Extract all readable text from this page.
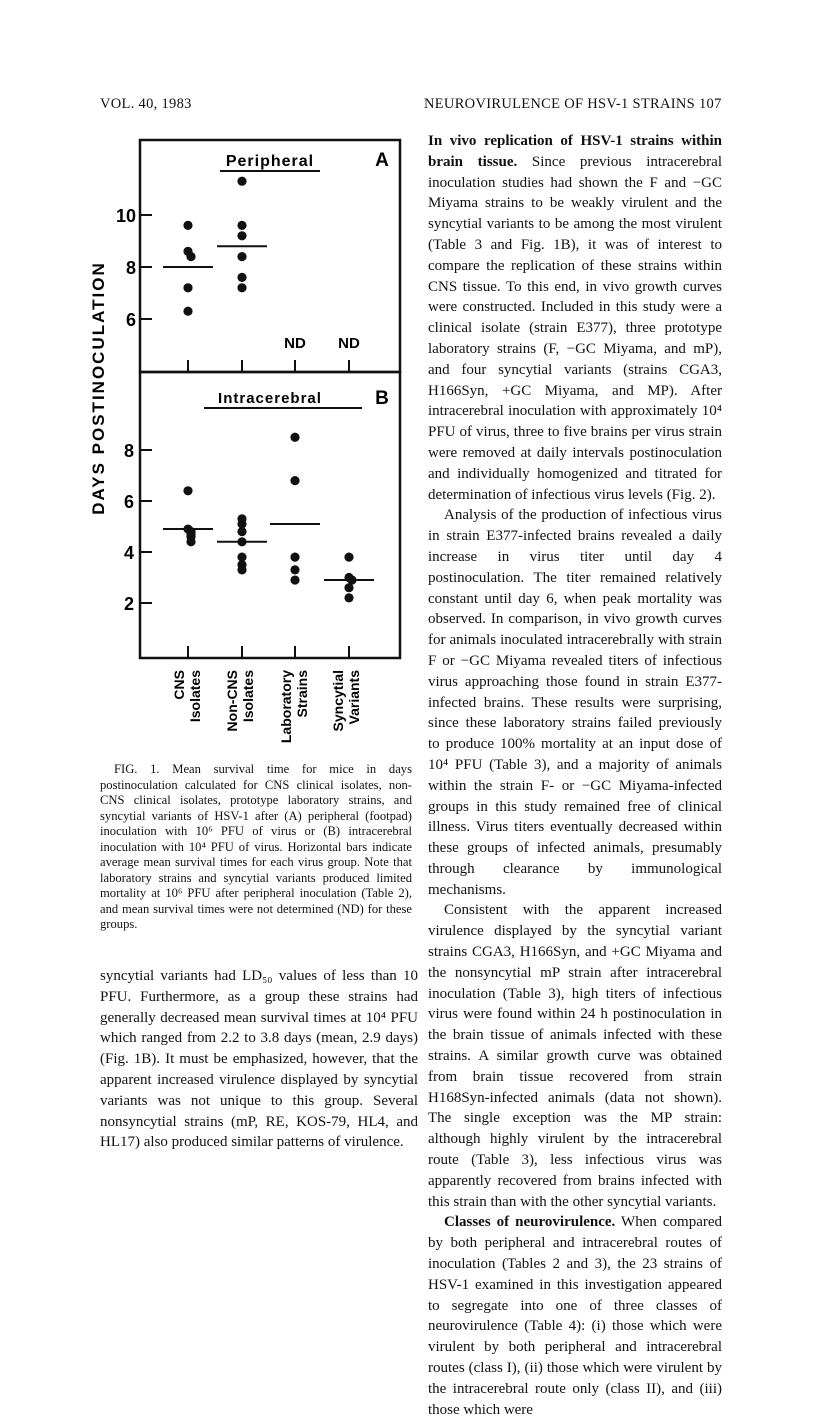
VOL. 40, 1983	NEUROVIRULENCE OF HSV-1 STRAINS 107
DAYS POSTINOCULATION
Peripheral	A
Intracerebral	B
ND ND
10
8
6
8
6
4
2
CNS Isolates Non-CNS Isolates Laboratory Strains Syncytial Variants
FIG. 1. Mean survival time for mice in days postinoculation calculated for CNS clinical isolates, non-CNS clinical isolates, prototype laboratory strains, and syncytial variants of HSV-1 after (A) peripheral (footpad) inoculation with 10⁶ PFU of virus or (B) intracerebral inoculation with 10⁴ PFU of virus. Horizontal bars indicate average mean survival times for each virus group. Note that laboratory strains and syncytial variants produced limited mortality at 10⁶ PFU after peripheral inoculation (Table 2), and mean survival times were not determined (ND) for these groups.
syncytial variants had LD₅₀ values of less than 10 PFU. Furthermore, as a group these strains had generally decreased mean survival times at 10⁴ PFU which ranged from 2.2 to 3.8 days (mean, 2.9 days) (Fig. 1B). It must be emphasized, however, that the apparent increased virulence displayed by syncytial variants was not unique to this group. Several nonsyncytial strains (mP, RE, KOS-79, HL4, and HL17) also produced similar patterns of virulence.

In vivo replication of HSV-1 strains within brain tissue. Since previous intracerebral inoculation studies had shown the F and −GC Miyama strains to be weakly virulent and the syncytial variants to be among the most virulent (Table 3 and Fig. 1B), it was of interest to compare the replication of these strains within CNS tissue. To this end, in vivo growth curves were constructed. Included in this study were a clinical isolate (strain E377), three prototype laboratory strains (F, −GC Miyama, and mP), and four syncytial variants (strains CGA3, H166Syn, +GC Miyama, and MP). After intracerebral inoculation with approximately 10⁴ PFU of virus, three to five brains per virus strain were removed at daily intervals postinoculation and individually homogenized and titrated for determination of infectious virus levels (Fig. 2).

Analysis of the production of infectious virus in strain E377-infected brains revealed a daily increase in virus titer until day 4 postinoculation. The titer remained relatively constant until day 6, when peak mortality was observed. In comparison, in vivo growth curves for animals inoculated intracerebrally with strain F or −GC Miyama revealed titers of infectious virus approaching those found in strain E377-infected brains. These results were surprising, since these laboratory strains failed previously to produce 100% mortality at an input dose of 10⁴ PFU (Table 3), and a majority of animals within the strain F- or −GC Miyama-infected groups in this study remained free of clinical illness. Virus titers eventually decreased within these groups of infected animals, presumably through clearance by immunological mechanisms.

Consistent with the apparent increased virulence displayed by the syncytial variant strains CGA3, H166Syn, and +GC Miyama and the nonsyncytial mP strain after intracerebral inoculation (Table 3), high titers of infectious virus were found within 24 h postinoculation in the brain tissue of animals infected with these strains. A similar growth curve was obtained from brain tissue recovered from strain H168Syn-infected animals (data not shown). The single exception was the MP strain: although highly virulent by the intracerebral route (Table 3), less infectious virus was apparently recovered from brains infected with this strain than with the other syncytial variants.

Classes of neurovirulence. When compared by both peripheral and intracerebral routes of inoculation (Tables 2 and 3), the 23 strains of HSV-1 examined in this investigation appeared to segregate into one of three classes of neurovirulence (Table 4): (i) those which were virulent by both peripheral and intracerebral routes (class I), (ii) those which were virulent by the intracerebral route only (class II), and (iii) those which were
